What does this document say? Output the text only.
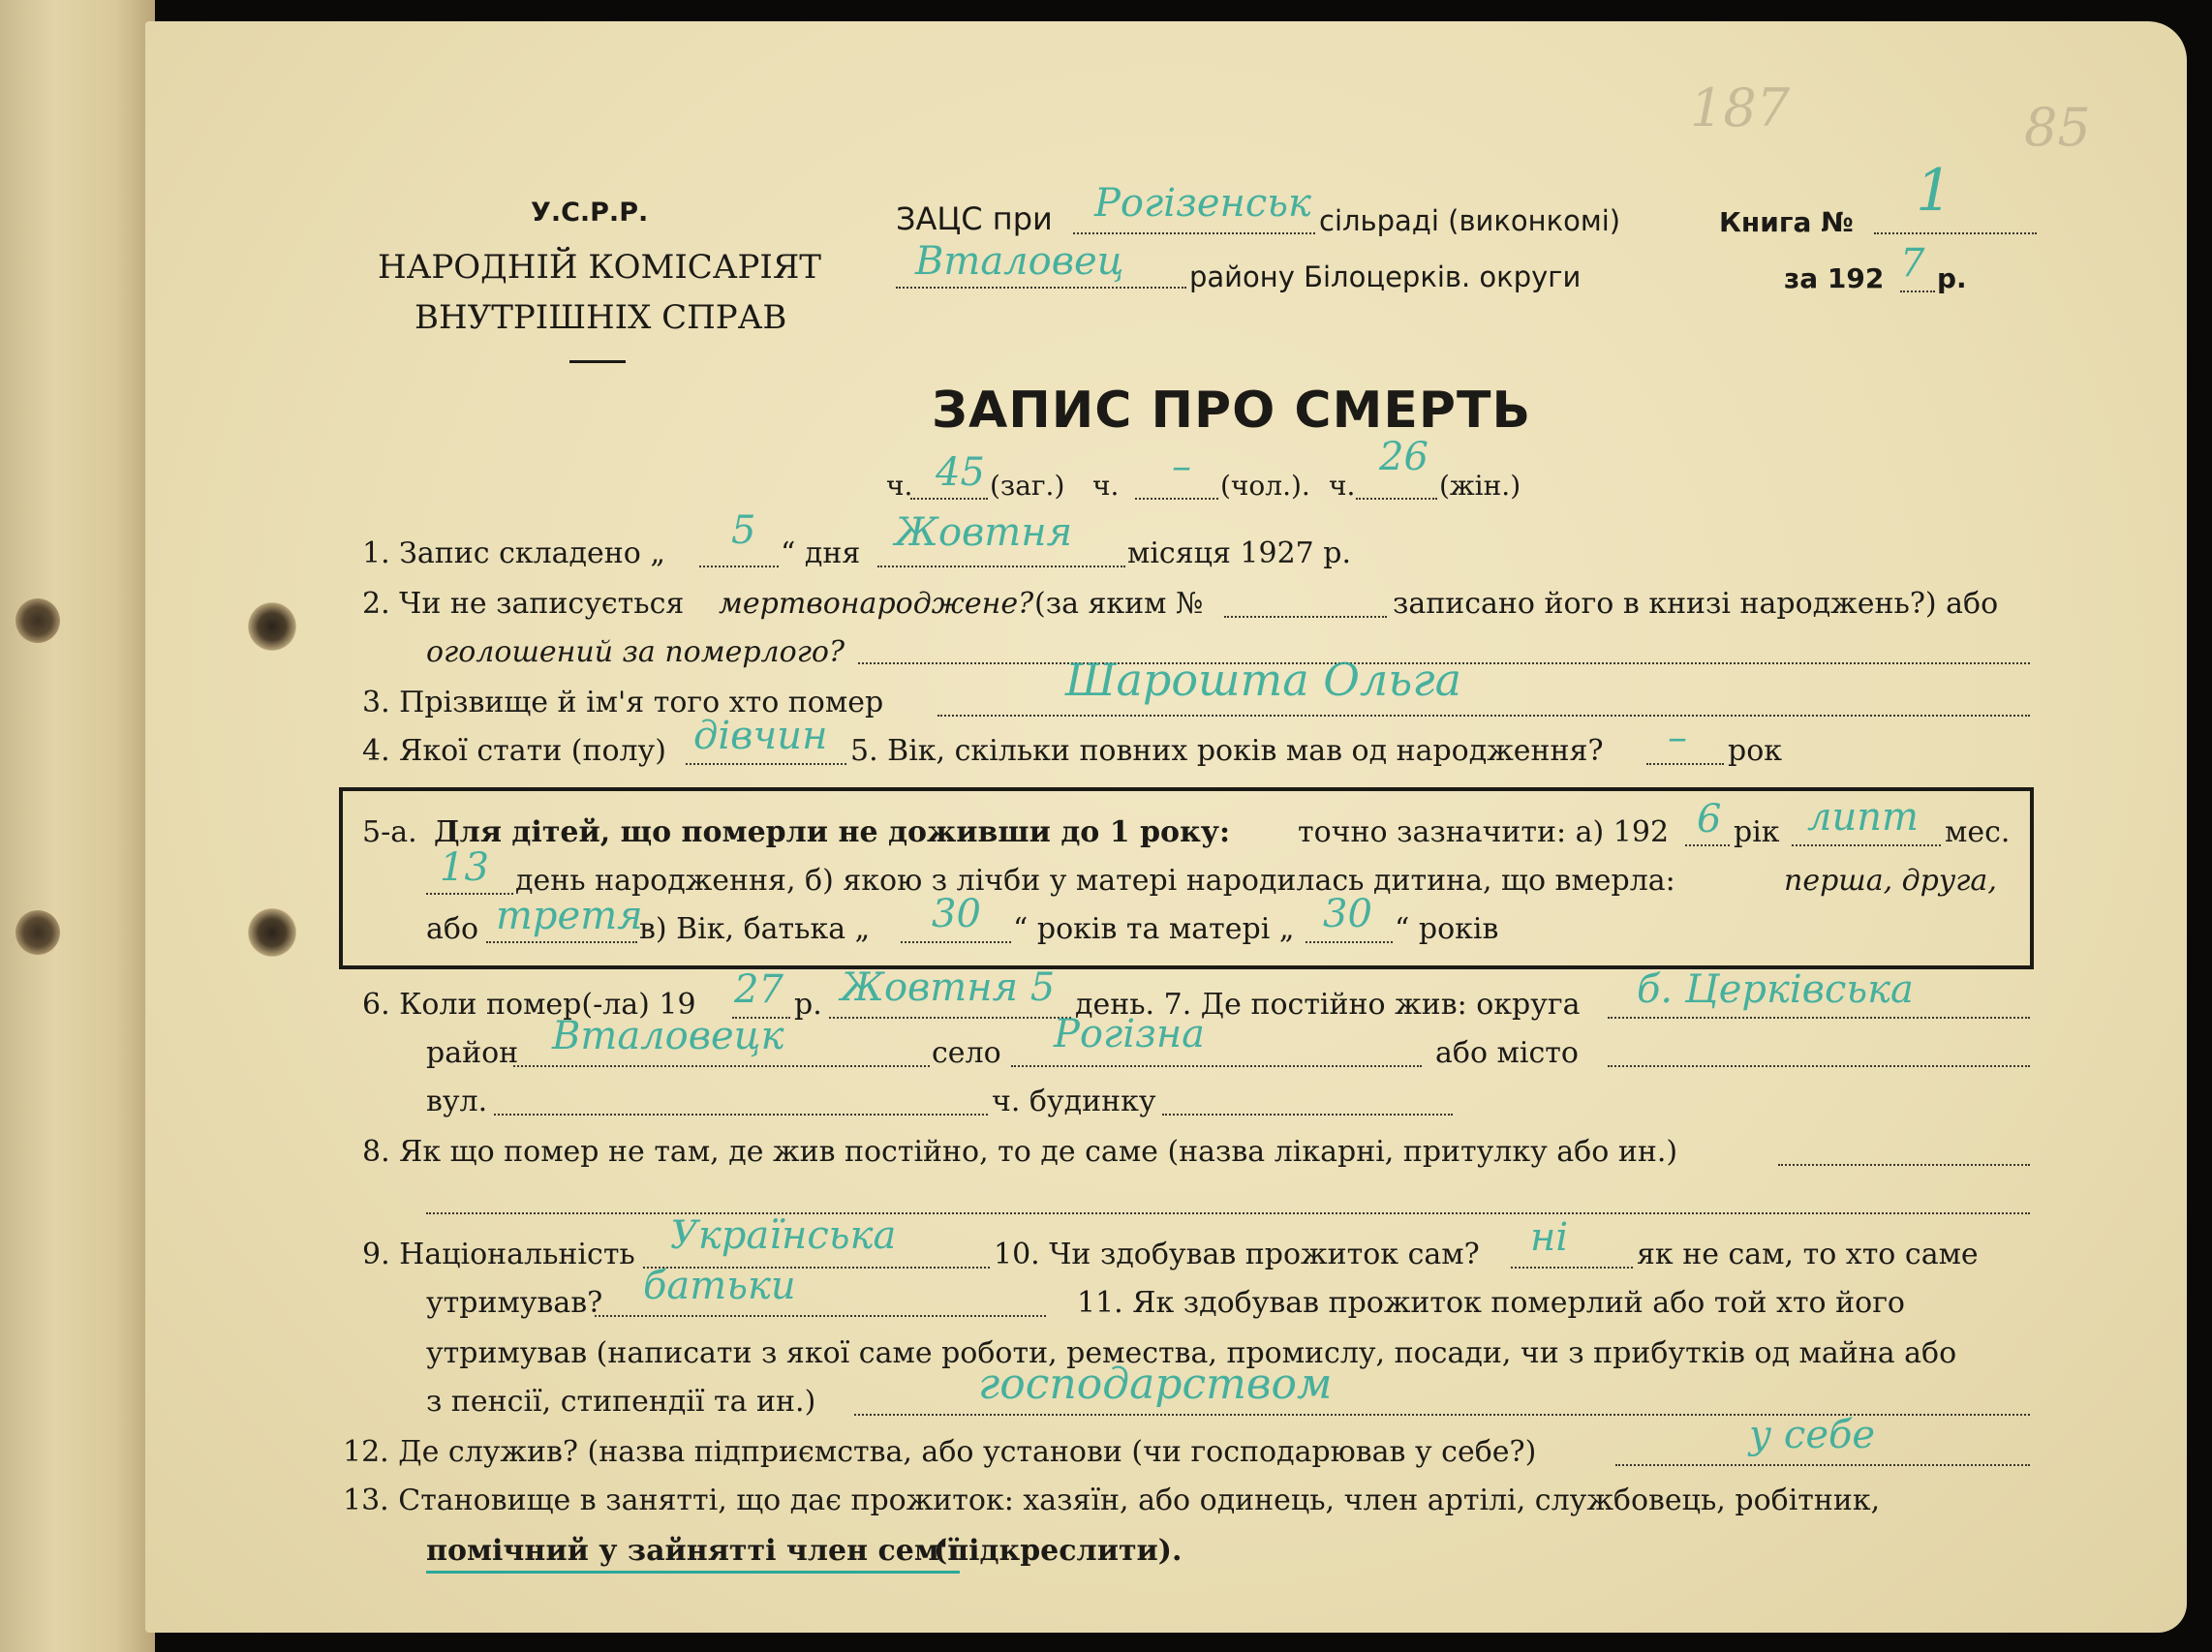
187	85
У.С.Р.Р.
НАРОДНІЙ КОМІСАРІЯТ
ВНУТРІШНІХ СПРАВ
ЗАЦС при Рогізенськ сільраді (виконкомі)
Вталовец району Білоцерків. округи
Книга № 1
за 192 7 р.
ЗАПИС ПРО СМЕРТЬ
ч. 45 (заг.) ч. – (чол.). ч.
26
(жін.)
1. Запис складено „
5
“ дня Жовтня місяця 1927 р.
2. Чи не записується мертвонароджене? (за яким №	записано його в книзі народжень?) або
оголошений за померлого?
3. Прізвище й ім'я того хто помер	Шарошта Ольга
4. Якої стати (полу) дівчин 5. Вік, скільки повних років мав од народження? – рок
5-а. Для дітей, що померли не доживши до 1 року: точно зазначити: а) 192 6 рік липт мес.
13 день народження, б) якою з лічби у матері народилась дитина, що вмерла:	перша, друга,
або третя
в) Вік, батька „ 30 “ років та матері „ 30 “ років
6. Коли помер(-ла) 19 27 р. Жовтня 5 день. 7. Де постійно жив: округа б. Церківська
район Вталовецк	село Рогізна	або місто
вул.	ч. будинку
8. Як що помер не там, де жив постійно, то де саме (назва лікарні, притулку або ин.)
9. Національність Українська	10. Чи здобував прожиток сам? ні як не сам, то хто саме
утримував? батьки	11. Як здобував прожиток померлий або той хто його
утримував (написати з якої саме роботи, ремества, промислу, посади, чи з прибутків од майна або
з пенсії, стипендії та ин.)	господарством
12. Де служив? (назва підприємства, або установи (чи господарював у себе?)	у себе
13. Становище в занятті, що дає прожиток: хазяїн, або одинець, член артілі, службовець, робітник,
помічний у зайнятті член сем'ї
(підкреслити).
